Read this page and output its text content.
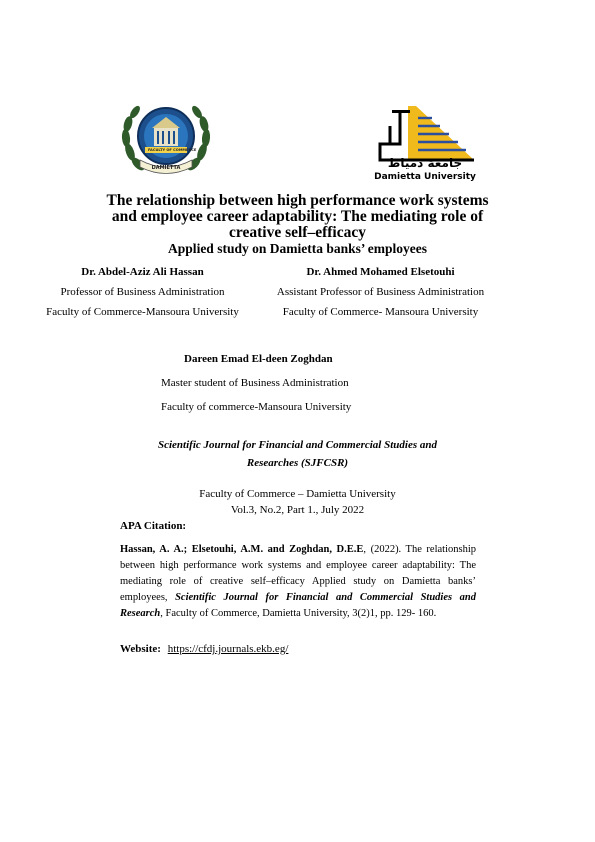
FACULTY OF COMMERCE
DAMIETTA	جامعة دمياط
Damietta University
The relationship between high performance work systems
and employee career adaptability: The mediating role of
creative self–efficacy
Applied study on Damietta banks’ employees
Dr. Abdel-Aziz Ali Hassan
Professor of Business Administration
Faculty of Commerce-Mansoura University
Dr. Ahmed Mohamed Elsetouhi
Assistant Professor of Business Administration
Faculty of Commerce- Mansoura University
Dareen Emad El-deen Zoghdan
Master student of Business Administration
Faculty of commerce-Mansoura University
Scientific Journal for Financial and Commercial Studies and
Researches (SJFCSR)
Faculty of Commerce – Damietta University
Vol.3, No.2, Part 1., July 2022
APA Citation:
Hassan, A. A.; Elsetouhi, A.M. and Zoghdan, D.E.E, (2022). The relationship between high performance work systems and employee career adaptability: The mediating role of creative self–efficacy Applied study on Damietta banks’ employees, Scientific Journal for Financial and Commercial Studies and Research, Faculty of Commerce, Damietta University, 3(2)1, pp. 129- 160.
Website: https://cfdj.journals.ekb.eg/
